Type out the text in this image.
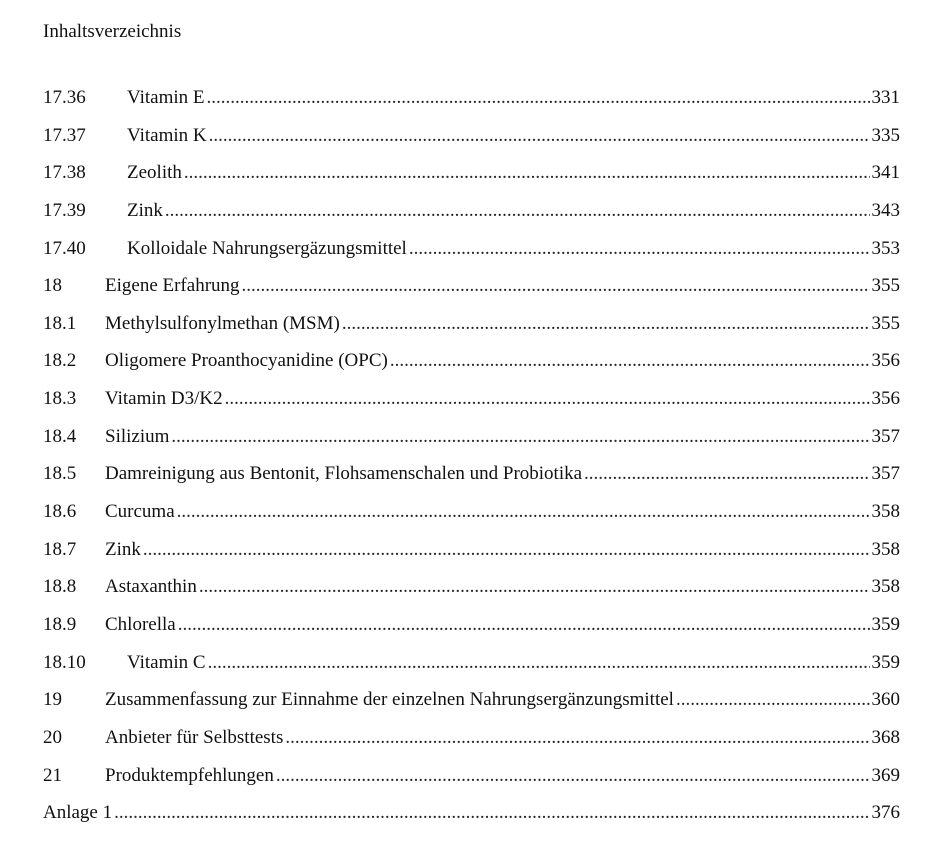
Inhaltsverzeichnis
17.36	Vitamin E .....	331
17.37	Vitamin K .....	335
17.38	Zeolith .....	341
17.39	Zink .....	343
17.40	Kolloidale Nahrungsergäzungsmittel .....	353
18	Eigene Erfahrung .....	355
18.1	Methylsulfonylmethan (MSM) .....	355
18.2	Oligomere Proanthocyanidine (OPC) .....	356
18.3	Vitamin D3/K2 .....	356
18.4	Silizium .....	357
18.5	Damreinigung aus Bentonit, Flohsamenschalen und Probiotika .....	357
18.6	Curcuma .....	358
18.7	Zink .....	358
18.8	Astaxanthin .....	358
18.9	Chlorella .....	359
18.10	Vitamin C .....	359
19	Zusammenfassung zur Einnahme der einzelnen Nahrungsergänzungsmittel .....	360
20	Anbieter für Selbsttests .....	368
21	Produktempfehlungen .....	369
Anlage 1 .....	376
